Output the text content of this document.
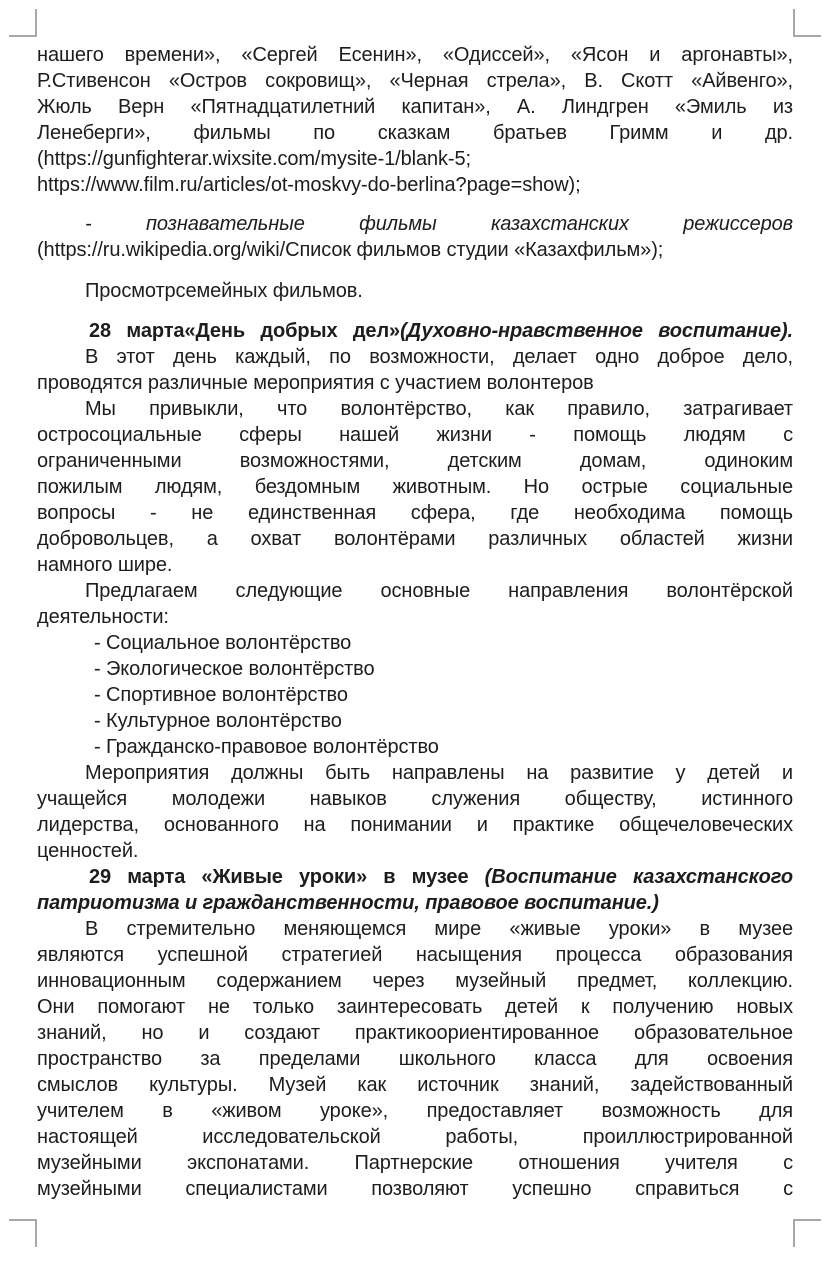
нашего времени», «Сергей Есенин», «Одиссей», «Ясон и аргонавты»,
Р.Стивенсон «Остров сокровищ», «Черная стрела», В. Скотт «Айвенго»,
Жюль Верн «Пятнадцатилетний капитан», А. Линдгрен «Эмиль из
Ленеберги», фильмы по сказкам братьев Гримм и др.
(https://gunfighterar.wixsite.com/mysite-1/blank-5;
https://www.film.ru/articles/ot-moskvy-do-berlina?page=show);
- познавательные фильмы казахстанских режиссеров
(https://ru.wikipedia.org/wiki/Список фильмов студии «Казахфильм»);
Просмотрсемейных фильмов.
28 марта«День добрых дел»(Духовно-нравственное воспитание).
В этот день каждый, по возможности, делает одно доброе дело,
проводятся различные мероприятия с участием волонтеров
Мы привыкли, что волонтёрство, как правило, затрагивает
остросоциальные сферы нашей жизни - помощь людям с
ограниченными возможностями, детским домам, одиноким
пожилым людям, бездомным животным. Но острые социальные
вопросы - не единственная сфера, где необходима помощь
добровольцев, а охват волонтёрами различных областей жизни
намного шире.
Предлагаем следующие основные направления волонтёрской
деятельности:
- Социальное волонтёрство
- Экологическое волонтёрство
- Спортивное волонтёрство
- Культурное волонтёрство
- Гражданско-правовое волонтёрство
Мероприятия должны быть направлены на развитие у детей и
учащейся молодежи навыков служения обществу, истинного
лидерства, основанного на понимании и практике общечеловеческих
ценностей.
29 марта «Живые уроки» в музее (Воспитание казахстанского
патриотизма и гражданственности, правовое воспитание.)
В стремительно меняющемся мире «живые уроки» в музее
являются успешной стратегией насыщения процесса образования
инновационным содержанием через музейный предмет, коллекцию.
Они помогают не только заинтересовать детей к получению новых
знаний, но и создают практикоориентированное образовательное
пространство за пределами школьного класса для освоения
смыслов культуры. Музей как источник знаний, задействованный
учителем в «живом уроке», предоставляет возможность для
настоящей исследовательской работы, проиллюстрированной
музейными экспонатами. Партнерские отношения учителя с
музейными специалистами позволяют успешно справиться с
